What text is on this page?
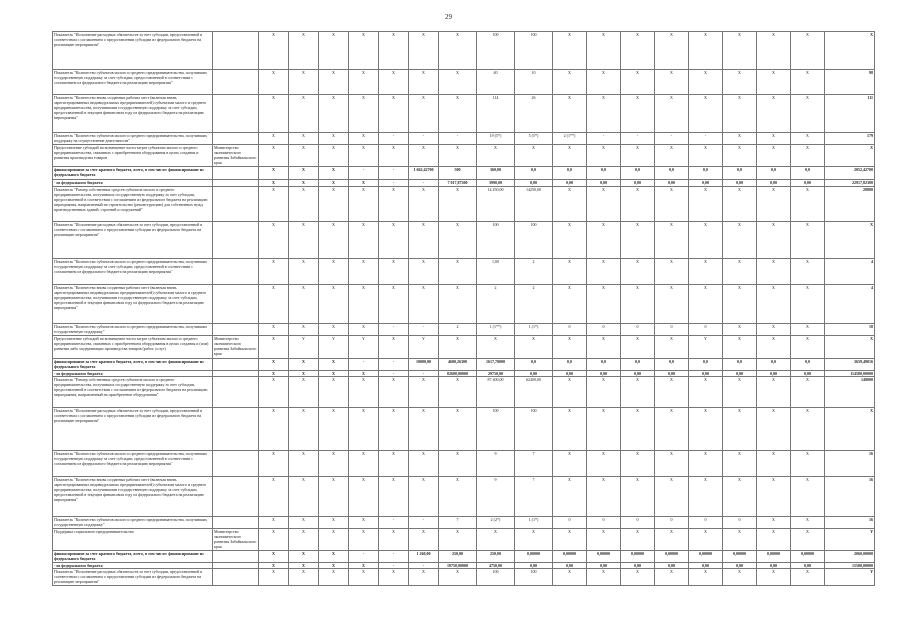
29
Показатель "Исполнение расходных обязательств за счет субсидии, предоставленной в соответствии с соглашением о предоставлении субсидии из федерального бюджета на реализацию мероприятия"		X	X	X	X	X	X	X	100	100	X	X	X	X	X	X	X	X	X
Показатель "Количество субъектов малого и среднего предпринимательства, получивших государственную поддержку за счет субсидии, предоставленной в соответствии с соглашением из федерального бюджета на реализацию мероприятия"		X	X	X	X	X	X	X	40	10	X	X	X	X	X	X	X	X	98
Показатель "Количество вновь созданных рабочих мест (включая вновь зарегистрированных индивидуальных предпринимателей) субъектами малого и среднего предпринимательства, получившими государственную поддержку за счет субсидии, предоставленной в текущем финансовом году из федерального бюджета на реализацию мероприятия"		X	X	X	X	X	X	X	114	26	X	X	X	X	X	X	X	X	111
Показатель "Количество субъектов малого и среднего предпринимательства, получивших поддержку на осуществление деятельности"		X	X	X	X	-	-	-	19 (5*)	5 (5*)	2 (1**)	-	-	-	-	X	X	X	179
Предоставление субсидий на возмещение части затрат субъектам малого и среднего предпринимательства, связанных с приобретением оборудования в целях создания и развития производства товаров	Министерство экономического развития Забайкальского края	X	X	X	X	X	X	X	X	X	X	X	X	X	X	X	X	X	X
финансирование за счет краевого бюджета, всего, в том числе: финансирование из федерального бюджета		X	X	X	-	-	1 662,42700	500	360,00	0,0	0,0	0,0	0,0	0,0	0,0	0,0	0,0	0,0	2052,42700
- из федерального бюджета		X	X	X	X	-	-	7 017,87300	3990,00	0,00	0,00	0,00	0,00	0,00	0,00	0,00	0,00	0,00	22917,82300
Показатель "Размер собственных средств субъектов малого и среднего предпринимательства, получивших государственную поддержку за счет субсидии, предоставленной в соответствии с соглашением из федерального бюджета на реализацию мероприятия, направленный на строительство (реконструкцию) для собственных нужд производственных зданий, строений и сооружений"		X	X	X	X	X	X	X	14 250,00	14250,00	X	X	X	X	X	X	X	X	28800
Показатель "Исполнение расходных обязательств за счет субсидии, предоставленной в соответствии с соглашением о предоставлении субсидии из федерального бюджета на реализацию мероприятия"		X	X	X	X	X	X	X	100	100	X	X	X	X	X	X	X	X	X
Показатель "Количество субъектов малого и среднего предпринимательства, получивших государственную поддержку за счет субсидии, предоставленной в соответствии с соглашением из федерального бюджета на реализацию мероприятия"		X	X	X	X	X	X	X	1,00	2	X	X	X	X	X	X	X	X	4
Показатель "Количество вновь созданных рабочих мест (включая вновь зарегистрированных индивидуальных предпринимателей) субъектами малого и среднего предпринимательства, получившими государственную поддержку за счет субсидии, предоставленной в текущем финансовом году из федерального бюджета на реализацию мероприятия"		X	X	X	X	X	X	X	2	2	X	X	X	X	X	X	X	X	4
Показатель "Количество субъектов малого и среднего предпринимательства, получивших государственную поддержку"		X	X	X	X	-	-	2	1 (1**)	1 (1*)	0	0	0	0	0	X	X	X	18
Предоставление субсидий на возмещение части затрат субъектам малого и среднего предпринимательства, связанных с приобретением оборудования в целях создания и (или) развития либо модернизации производства товаров (работ, услуг)	Министерство экономического развития Забайкальского края	X	Y	Y	Y	X	Y	X	X	X	X	X	X	X	Y	X	X	X	X
финансирование за счет краевого бюджета, всего, в том числе: финансирование из федерального бюджета		X	X	X	-	-	10000,00	4600,26300	1617,70000	0,0	0,0	0,0	0,0	0,0	0,0	0,0	0,0	0,0	3659,49016
- из федерального бюджета		X	X	X	X	-	-	82600,00000	29750,00	0,00	0,00	0,00	0,00	0,00	0,00	0,00	0,00	0,00	114580,00000
Показатель "Размер собственных средств субъектов малого и среднего предпринимательства, получивших государственную поддержку за счет субсидии, предоставленной в соответствии с соглашением из федерального бюджета на реализацию мероприятия, направленный на приобретение оборудования"		X	X	X	X	X	X	X	87 400,00	62400,00	X	X	X	X	X	X	X	X	149000
Показатель "Исполнение расходных обязательств за счет субсидии, предоставленной в соответствии с соглашением о предоставлении субсидии из федерального бюджета на реализацию мероприятия"		X	X	X	X	X	X	X	100	100	X	X	X	X	X	X	X	X	X
Показатель "Количество субъектов малого и среднего предпринимательства, получивших государственную поддержку за счет субсидии, предоставленной в соответствии с соглашением из федерального бюджета на реализацию мероприятия"		X	X	X	X	X	X	X	9	7	X	X	X	X	X	X	X	X	16
Показатель "Количество вновь созданных рабочих мест (включая вновь зарегистрированных индивидуальных предпринимателей) субъектами малого и среднего предпринимательства, получившими государственную поддержку за счет субсидии, предоставленной в текущем финансовом году из федерального бюджета на реализацию мероприятия"		X	X	X	X	X	X	X	9	7	X	X	X	X	X	X	X	X	16
Показатель "Количество субъектов малого и среднего предпринимательства, получивших государственную поддержку"		X	X	X	X	-	-	7	2 (2*)	1 (1*)	0	0	0	0	0	0	X	X	16
Поддержка социального предпринимательства	Министерство экономического развития Забайкальского края	X	X	X	X	X	X	X	X	X	X	X	X	X	X	X	X	X	Y
финансирование за счет краевого бюджета, всего, в том числе: финансирование из федерального бюджета		X	X	X	-	-	1 260,00	250,00	250,00	0,00000	0,00000	0,00000	0,00000	0,00000	0,00000	0,00000	0,00000	0,00000	2060,00000
- из федерального бюджета		X	X	X	X	-	-	10750,00000	4750,00	0,00	0,00	0,00	0,00	0,00	0,00	0,00	0,00	0,00	15500,00000
Показатель "Исполнение расходных обязательств за счет субсидии, предоставленной в соответствии с соглашением о предоставлении субсидии из федерального бюджета на реализацию мероприятия"		X	X	X	X	X	X	X	100	100	X	X	X	X	X	X	X	X	Y
